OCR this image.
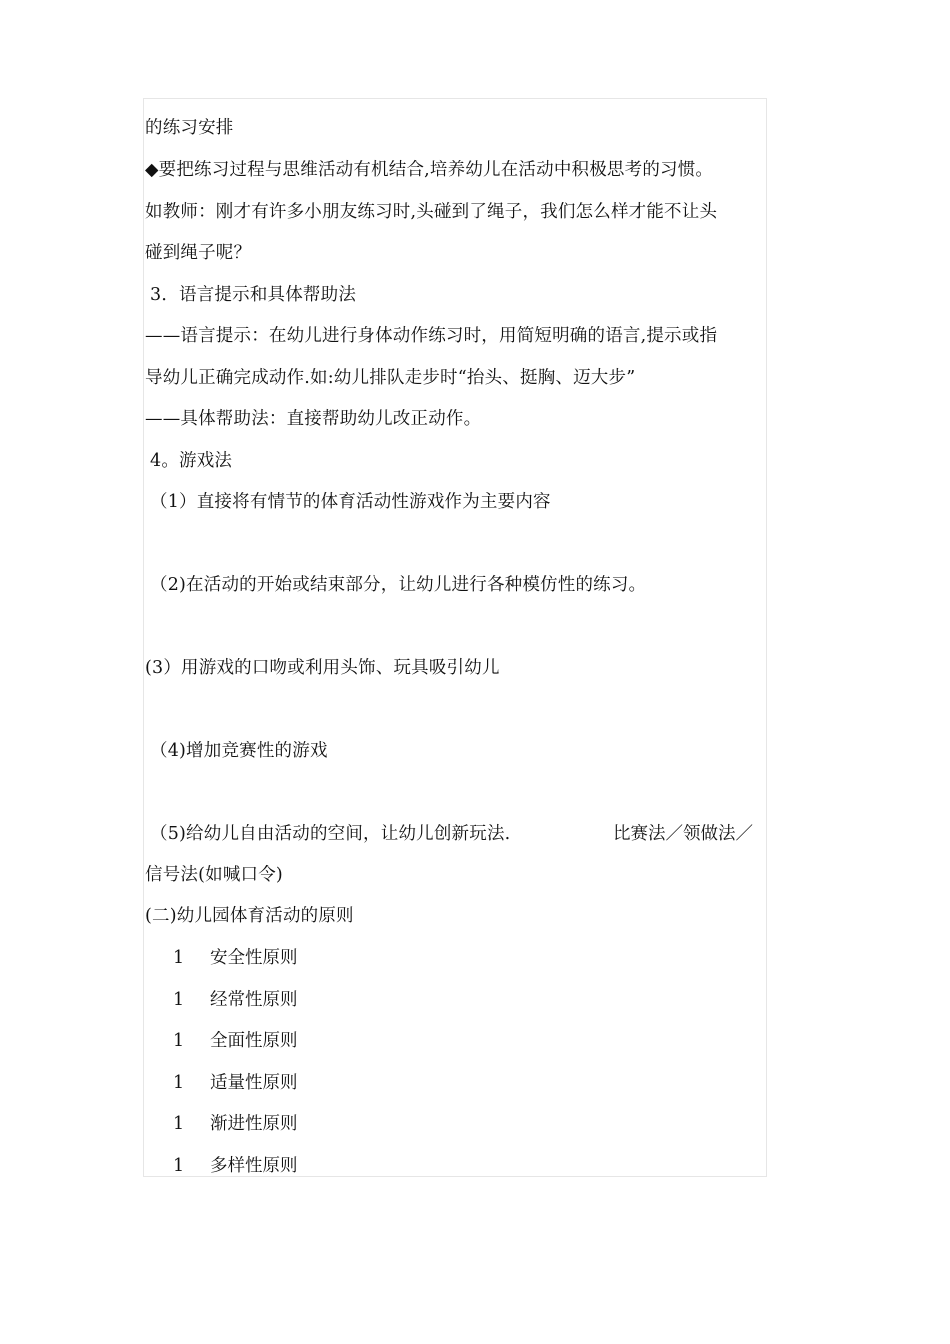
的练习安排
◆要把练习过程与思维活动有机结合,培养幼儿在活动中积极思考的习惯。
如教师：刚才有许多小朋友练习时,头碰到了绳子，我们怎么样才能不让头
碰到绳子呢？
3．语言提示和具体帮助法
——语言提示：在幼儿进行身体动作练习时，用简短明确的语言,提示或指
导幼儿正确完成动作.如:幼儿排队走步时“抬头、挺胸、迈大步”
——具体帮助法：直接帮助幼儿改正动作。
4。游戏法
（1）直接将有情节的体育活动性游戏作为主要内容
（2)在活动的开始或结束部分，让幼儿进行各种模仿性的练习。
(3）用游戏的口吻或利用头饰、玩具吸引幼儿
（4)增加竞赛性的游戏
（5)给幼儿自由活动的空间，让幼儿创新玩法.	比赛法／领做法／
信号法(如喊口令)
(二)幼儿园体育活动的原则
1 安全性原则
1 经常性原则
1 全面性原则
1 适量性原则
1 渐进性原则
1 多样性原则
